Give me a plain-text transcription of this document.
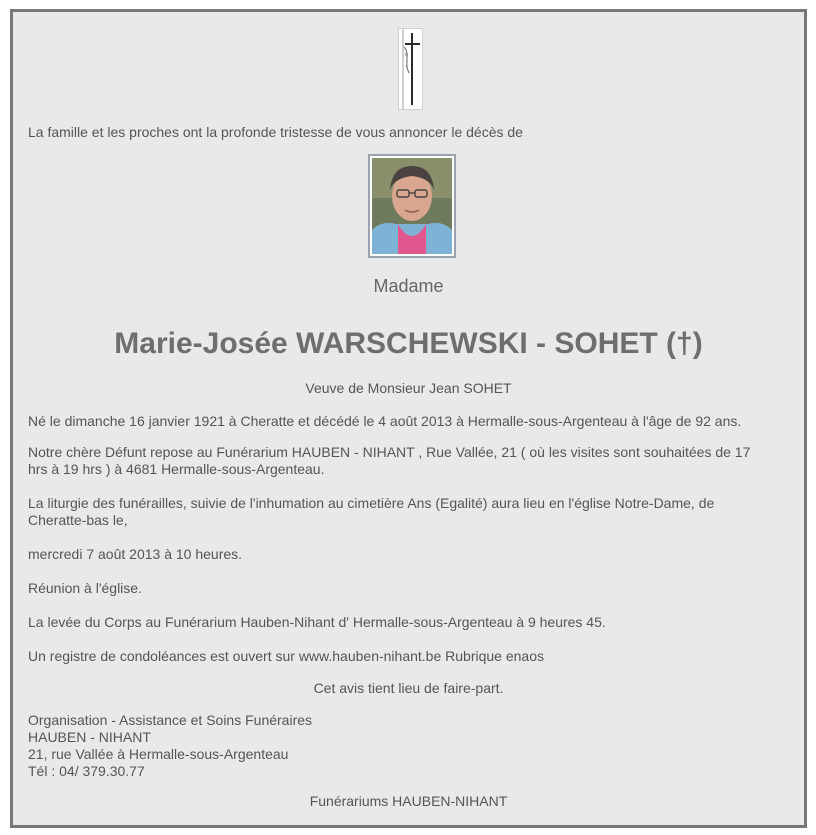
La famille et les proches ont la profonde tristesse de vous annoncer le décès de
Madame
Marie-Josée WARSCHEWSKI - SOHET (†)
Veuve de Monsieur Jean SOHET
Né le dimanche 16 janvier 1921 à Cheratte et décédé le 4 août 2013 à Hermalle-sous-Argenteau à l'âge de 92 ans.
Notre chère Défunt repose au Funérarium HAUBEN - NIHANT , Rue Vallée, 21 ( où les visites sont souhaitées de 17
hrs à 19 hrs ) à 4681 Hermalle-sous-Argenteau.
La liturgie des funérailles, suivie de l'inhumation au cimetière Ans (Egalité) aura lieu en l'église Notre-Dame, de
Cheratte-bas le,
mercredi 7 août 2013 à 10 heures.
Réunion à l'église.
La levée du Corps au Funérarium Hauben-Nihant d' Hermalle-sous-Argenteau à 9 heures 45.
Un registre de condoléances est ouvert sur www.hauben-nihant.be Rubrique enaos
Cet avis tient lieu de faire-part.
Organisation - Assistance et Soins Funéraires
HAUBEN - NIHANT
21, rue Vallée à Hermalle-sous-Argenteau
Tél : 04/ 379.30.77
Funérariums HAUBEN-NIHANT
